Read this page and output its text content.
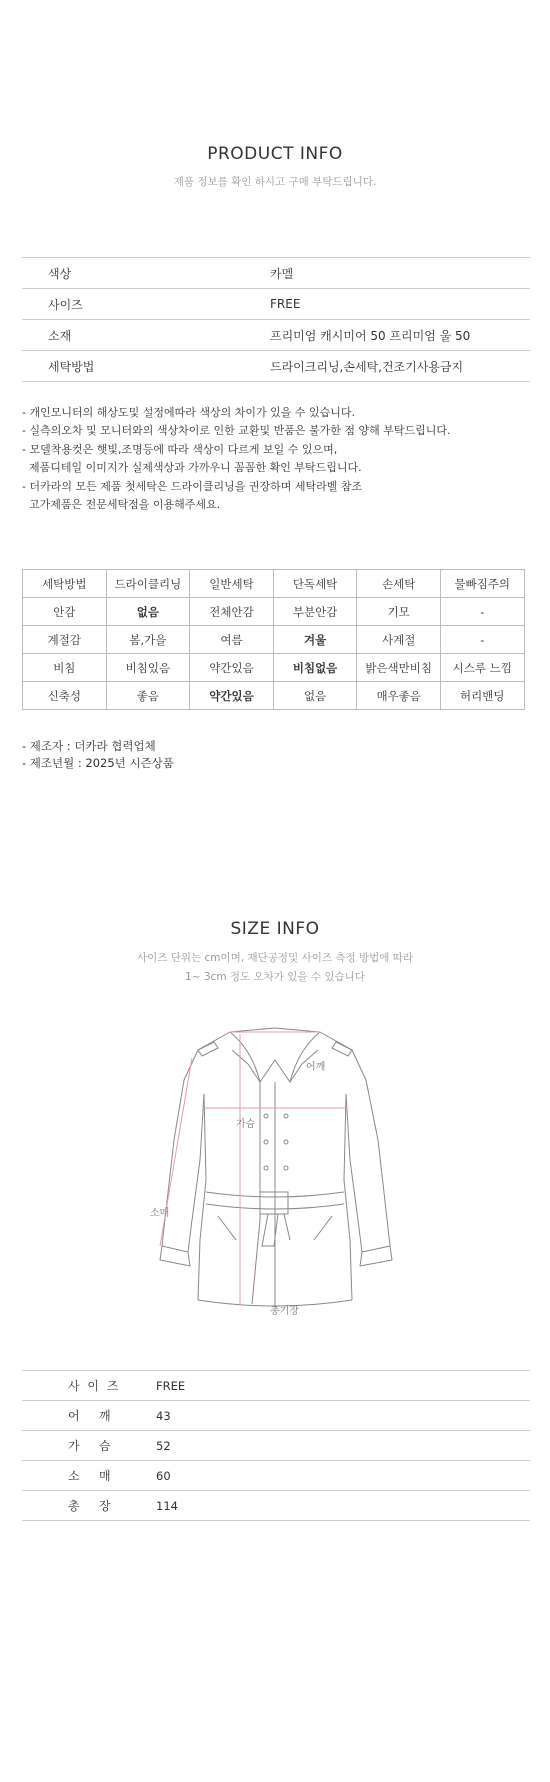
PRODUCT INFO
제품 정보를 확인 하시고 구매 부탁드립니다.
색상	카멜
사이즈	FREE
소재	프리미엄 캐시미어 50 프리미엄 울 50
세탁방법	드라이크리닝,손세탁,건조기사용금지
- 개인모니터의 해상도및 설정에따라 색상의 차이가 있을 수 있습니다.
- 실측의오차 및 모니터와의 색상차이로 인한 교환및 반품은 불가한 점 양해 부탁드립니다.
- 모델착용컷은 햇빛,조명등에 따라 색상이 다르게 보일 수 있으며,
제품디테일 이미지가 실제색상과 가까우니 꼼꼼한 확인 부탁드립니다.
- 더카라의 모든 제품 첫세탁은 드라이클리닝을 권장하며 세탁라벨 참조
고가제품은 전문세탁점을 이용해주세요.
세탁방법	드라이클리닝	일반세탁	단독세탁	손세탁	물빠짐주의
안감	없음	전체안감	부분안감	기모	-
계절감	봄,가을	여름	겨울	사계절	-
비침	비침있음	약간있음	비침없음	밝은색만비침	시스루 느낌
신축성	좋음	약간있음	없음	매우좋음	허리밴딩
- 제조자 : 더카라 협력업체
- 제조년월 : 2025년 시즌상품
SIZE INFO
사이즈 단위는 cm이며, 재단공정및 사이즈 측정 방법에 따라
1~ 3cm 정도 오차가 있을 수 있습니다
어깨
가슴
소매
총기장
사 이 즈	FREE
어   깨	43
가   슴	52
소   매	60
총   장	114
